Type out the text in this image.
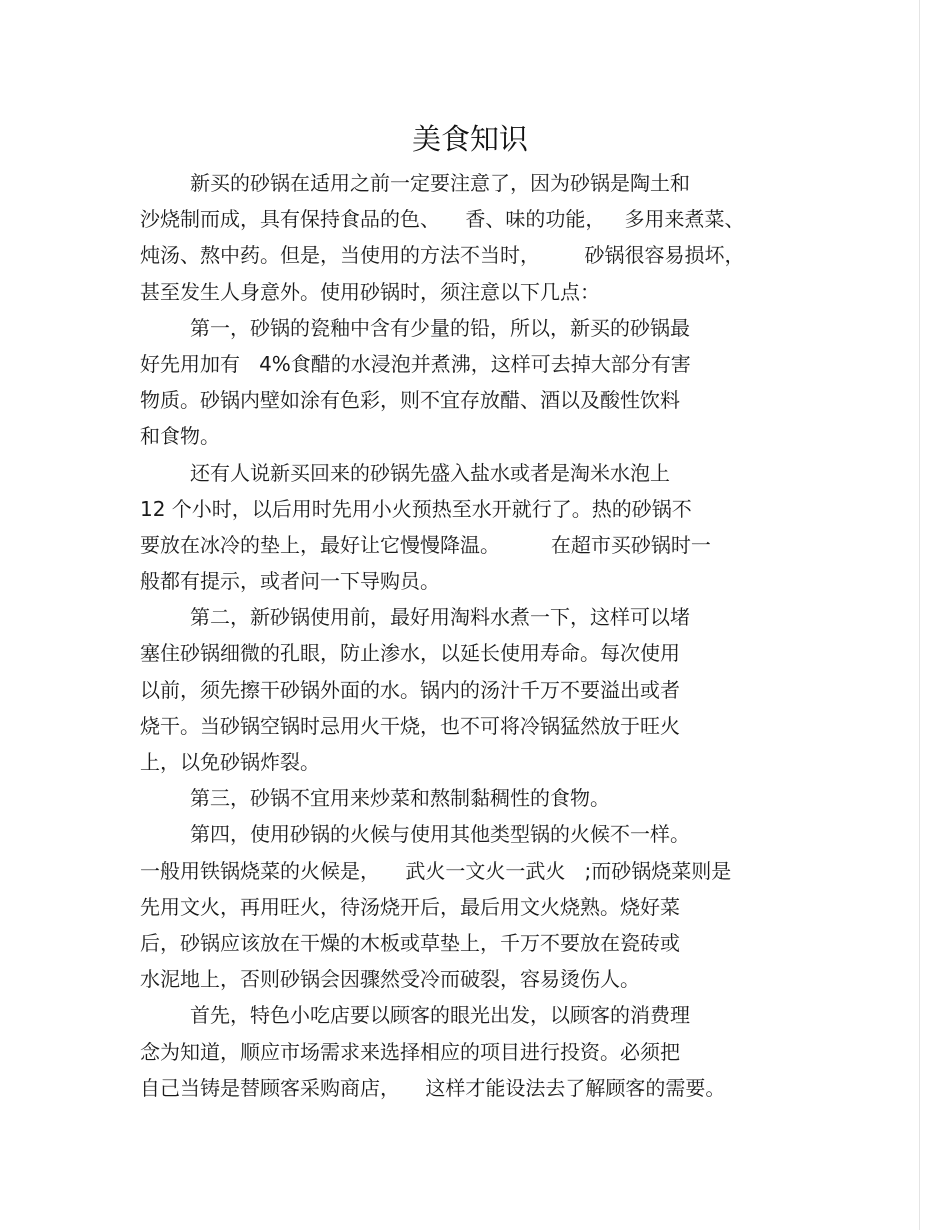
美食知识
新买的砂锅在适用之前一定要注意了，因为砂锅是陶土和
沙烧制而成，具有保持食品的色、    香、味的功能，   多用来煮菜、
炖汤、熬中药。但是，当使用的方法不当时，       砂锅很容易损坏，
甚至发生人身意外。使用砂锅时，须注意以下几点：
第一，砂锅的瓷釉中含有少量的铅，所以，新买的砂锅最
好先用加有   4%食醋的水浸泡并煮沸，这样可去掉大部分有害
物质。砂锅内壁如涂有色彩，则不宜存放醋、酒以及酸性饮料
和食物。
还有人说新买回来的砂锅先盛入盐水或者是淘米水泡上
12 个小时，以后用时先用小火预热至水开就行了。热的砂锅不
要放在冰冷的垫上，最好让它慢慢降温。        在超市买砂锅时一
般都有提示，或者问一下导购员。
第二，新砂锅使用前，最好用淘料水煮一下，这样可以堵
塞住砂锅细微的孔眼，防止渗水，以延长使用寿命。每次使用
以前，须先擦干砂锅外面的水。锅内的汤汁千万不要溢出或者
烧干。当砂锅空锅时忌用火干烧，也不可将冷锅猛然放于旺火
上，以免砂锅炸裂。
第三，砂锅不宜用来炒菜和熬制黏稠性的食物。
第四，使用砂锅的火候与使用其他类型锅的火候不一样。
一般用铁锅烧菜的火候是，    武火一文火一武火   ;而砂锅烧菜则是
先用文火，再用旺火，待汤烧开后，最后用文火烧熟。烧好菜
后，砂锅应该放在干燥的木板或草垫上，千万不要放在瓷砖或
水泥地上，否则砂锅会因骤然受冷而破裂，容易烫伤人。
首先，特色小吃店要以顾客的眼光出发，以顾客的消费理
念为知道，顺应市场需求来选择相应的项目进行投资。必须把
自己当铸是替顾客采购商店，    这样才能设法去了解顾客的需要。
